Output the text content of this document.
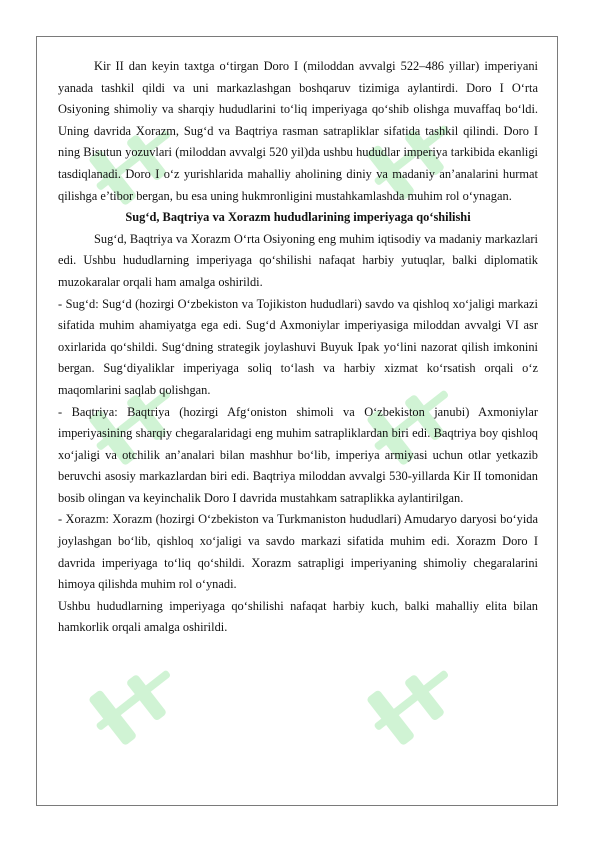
Kir II dan keyin taxtga o‘tirgan Doro I (miloddan avvalgi 522–486 yillar) imperiyani yanada tashkil qildi va uni markazlashgan boshqaruv tizimiga aylantirdi. Doro I O‘rta Osiyoning shimoliy va sharqiy hududlarini to‘liq imperiyaga qo‘shib olishga muvaffaq bo‘ldi. Uning davrida Xorazm, Sug‘d va Baqtriya rasman satrapliklar sifatida tashkil qilindi. Doro I ning Bisutun yozuvlari (miloddan avvalgi 520 yil)da ushbu hududlar imperiya tarkibida ekanligi tasdiqlanadi. Doro I o‘z yurishlarida mahalliy aholining diniy va madaniy an’analarini hurmat qilishga e’tibor bergan, bu esa uning hukmronligini mustahkamlashda muhim rol o‘ynagan.

Sug‘d, Baqtriya va Xorazm hududlarining imperiyaga qo‘shilishi

Sug‘d, Baqtriya va Xorazm O‘rta Osiyoning eng muhim iqtisodiy va madaniy markazlari edi. Ushbu hududlarning imperiyaga qo‘shilishi nafaqat harbiy yutuqlar, balki diplomatik muzokaralar orqali ham amalga oshirildi.

- Sug‘d: Sug‘d (hozirgi O‘zbekiston va Tojikiston hududlari) savdo va qishloq xo‘jaligi markazi sifatida muhim ahamiyatga ega edi. Sug‘d Axmoniylar imperiyasiga miloddan avvalgi VI asr oxirlarida qo‘shildi. Sug‘dning strategik joylashuvi Buyuk Ipak yo‘lini nazorat qilish imkonini bergan. Sug‘diyaliklar imperiyaga soliq to‘lash va harbiy xizmat ko‘rsatish orqali o‘z maqomlarini saqlab qolishgan.

- Baqtriya: Baqtriya (hozirgi Afg‘oniston shimoli va O‘zbekiston janubi) Axmoniylar imperiyasining sharqiy chegaralaridagi eng muhim satrapliklardan biri edi. Baqtriya boy qishloq xo‘jaligi va otchilik an’analari bilan mashhur bo‘lib, imperiya armiyasi uchun otlar yetkazib beruvchi asosiy markazlardan biri edi. Baqtriya miloddan avvalgi 530-yillarda Kir II tomonidan bosib olingan va keyinchalik Doro I davrida mustahkam satraplikka aylantirilgan.

- Xorazm: Xorazm (hozirgi O‘zbekiston va Turkmaniston hududlari) Amudaryo daryosi bo‘yida joylashgan bo‘lib, qishloq xo‘jaligi va savdo markazi sifatida muhim edi. Xorazm Doro I davrida imperiyaga to‘liq qo‘shildi. Xorazm satrapligi imperiyaning shimoliy chegaralarini himoya qilishda muhim rol o‘ynadi.

Ushbu hududlarning imperiyaga qo‘shilishi nafaqat harbiy kuch, balki mahalliy elita bilan hamkorlik orqali amalga oshirildi.
